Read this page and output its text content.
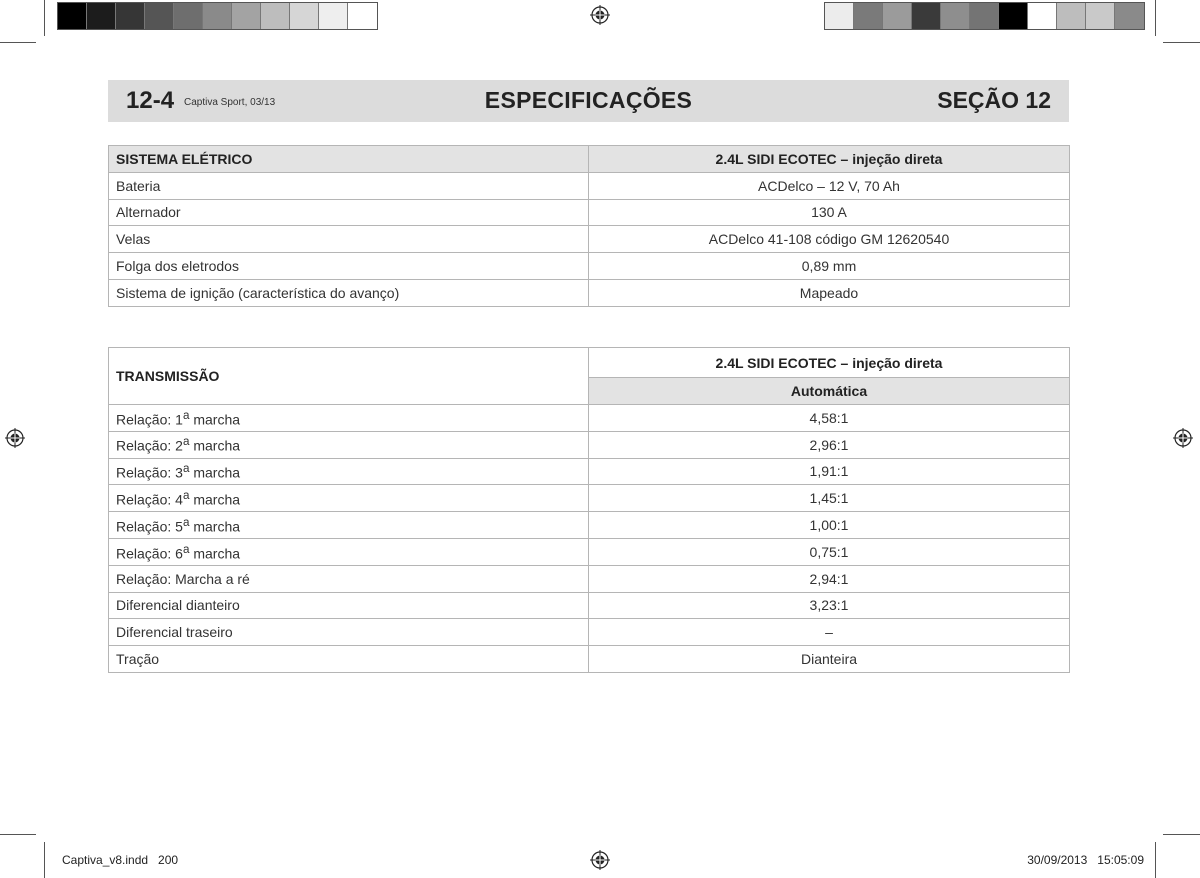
ESPECIFICAÇÕES
12-4 Captiva Sport, 03/13	SEÇÃO 12
SISTEMA ELÉTRICO	2.4L SIDI ECOTEC – injeção direta
Bateria	ACDelco – 12 V, 70 Ah
Alternador	130 A
Velas	ACDelco 41-108 código GM 12620540
Folga dos eletrodos	0,89 mm
Sistema de ignição (característica do avanço)	Mapeado
TRANSMISSÃO	2.4L SIDI ECOTEC – injeção direta
	Automática
Relação: 1$^a$ marcha	4,58:1
Relação: 2$^a$ marcha	2,96:1
Relação: 3$^a$ marcha	1,91:1
Relação: 4$^a$ marcha	1,45:1
Relação: 5$^a$ marcha	1,00:1
Relação: 6$^a$ marcha	0,75:1
Relação: Marcha a ré	2,94:1
Diferencial dianteiro	3,23:1
Diferencial traseiro	–
Tração	Dianteira
Captiva_v8.indd   200	30/09/2013   15:05:09
